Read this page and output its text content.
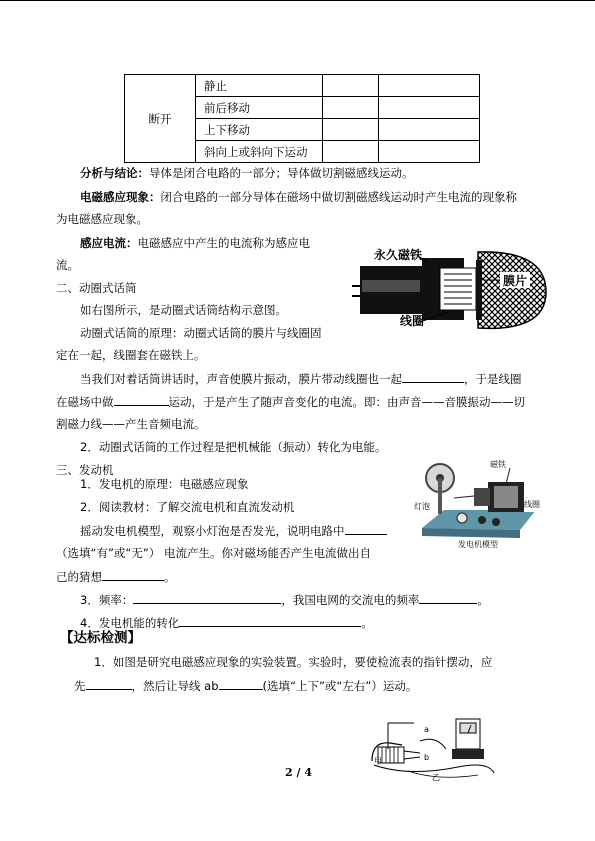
断开	静止		
	前后移动		
	上下移动		
	斜向上或斜向下运动		
分析与结论：导体是闭合电路的一部分；导体做切割磁感线运动。
电磁感应现象：闭合电路的一部分导体在磁场中做切割磁感线运动时产生电流的现象称
为电磁感应现象。
感应电流：电磁感应中产生的电流称为感应电
流。
二、动圈式话筒
如右图所示，是动圈式话筒结构示意图。
动圈式话筒的原理：动圈式话筒的膜片与线圈固
定在一起，线圈套在磁铁上。
当我们对着话筒讲话时，声音使膜片振动，膜片带动线圈也一起	，于是线圈
在磁场中做	运动，于是产生了随声音变化的电流。即：由声音——音膜振动——切
割磁力线——产生音频电流。
2．动圈式话筒的工作过程是把机械能（振动）转化为电能。
永久磁铁
膜片
线圈
三、发动机
1．发电机的原理：电磁感应现象
2．阅读教材：了解交流电机和直流发动机
摇动发电机模型，观察小灯泡是否发光，说明电路中
（选填“有”或“无”） 电流产生。你对磁场能否产生电流做出自
己的猜想	。
3．频率：	，我国电网的交流电的频率	。
4．发电机能的转化	。
磁铁
灯泡	线圈
发电机模型
【达标检测】
1．如图是研究电磁感应现象的实验装置。实验时，要使检流表的指针摆动，应
先	，然后让导线 ab	(选填“上下”或“左右”）运动。
a
b
甲
乙
2 / 4
